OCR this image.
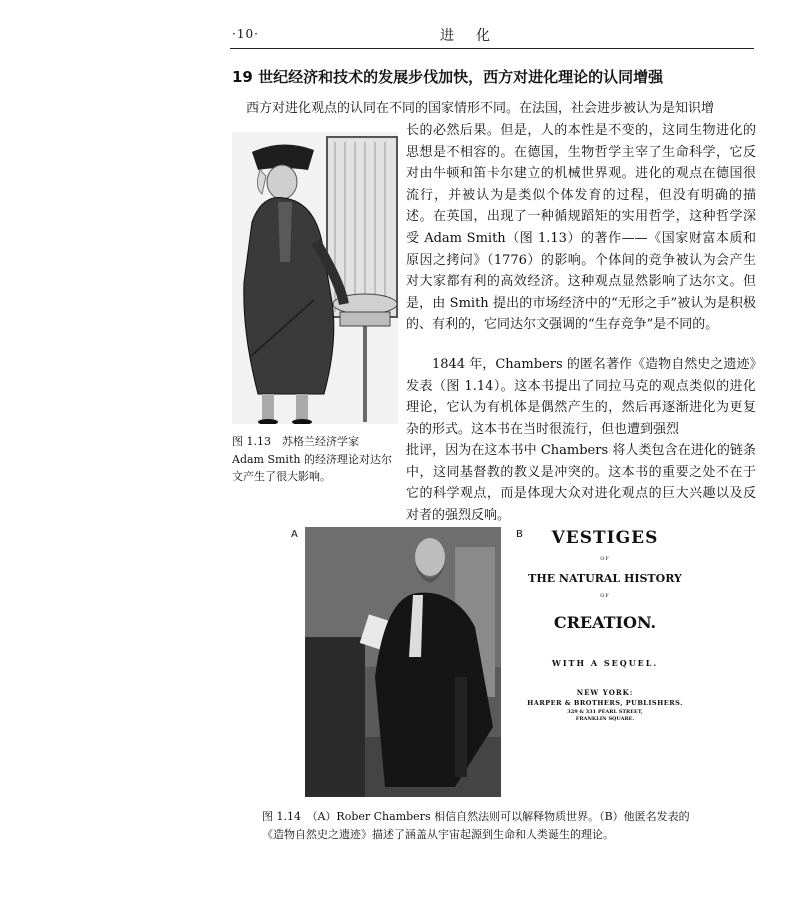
·10·	进化
19 世纪经济和技术的发展步伐加快，西方对进化理论的认同增强
西方对进化观点的认同在不同的国家情形不同。在法国，社会进步被认为是知识增
长的必然后果。但是，人的本性是不变的，这同生物进化的思想是不相容的。在德国，生物哲学主宰了生命科学，它反对由牛顿和笛卡尔建立的机械世界观。进化的观点在德国很流行，并被认为是类似个体发育的过程，但没有明确的描述。在英国，出现了一种循规蹈矩的实用哲学，这种哲学深受 Adam Smith（图 1.13）的著作——《国家财富本质和原因之拷问》（1776）的影响。个体间的竞争被认为会产生对大家都有利的高效经济。这种观点显然影响了达尔文。但是，由 Smith 提出的市场经济中的“无形之手”被认为是积极的、有利的，它同达尔文强调的“生存竞争”是不同的。
1844 年，Chambers 的匿名著作《造物自然史之遗迹》发表（图 1.14）。这本书提出了同拉马克的观点类似的进化理论，它认为有机体是偶然产生的，然后再逐渐进化为更复杂的形式。这本书在当时很流行，但也遭到强烈
图 1.13　苏格兰经济学家 Adam Smith 的经济理论对达尔文产生了很大影响。
批评，因为在这本书中 Chambers 将人类包含在进化的链条中，这同基督教的教义是冲突的。这本书的重要之处不在于它的科学观点，而是体现大众对进化观点的巨大兴趣以及反对者的强烈反响。
A	B	VESTIGES
OF
THE NATURAL HISTORY
OF
CREATION.
WITH A SEQUEL.
NEW YORK:
HARPER & BROTHERS, PUBLISHERS.
329 & 331 PEARL STREET,
FRANKLIN SQUARE.
图 1.14　（A）Rober Chambers 相信自然法则可以解释物质世界。（B）他匿名发表的
《造物自然史之遗迹》描述了涵盖从宇宙起源到生命和人类诞生的理论。
